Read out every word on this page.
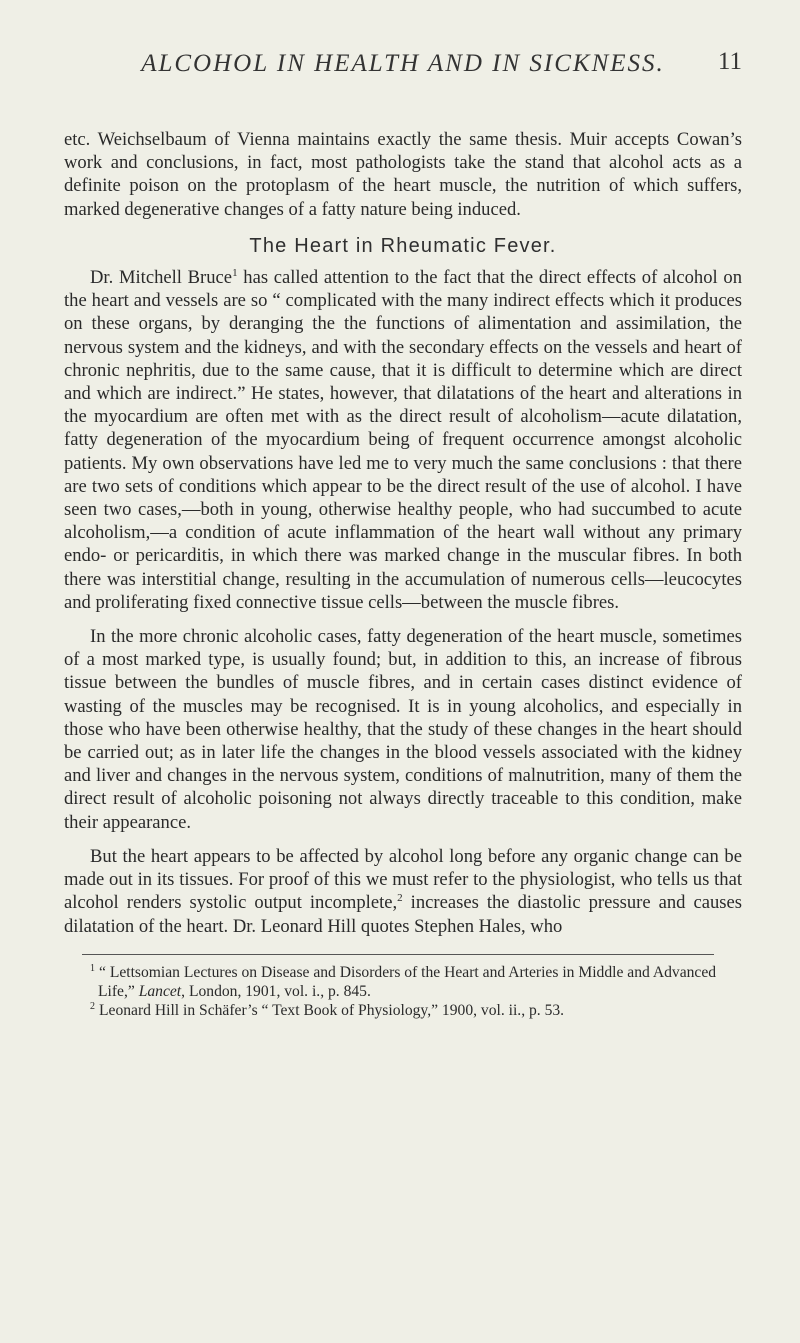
ALCOHOL IN HEALTH AND IN SICKNESS. 11

etc. Weichselbaum of Vienna maintains exactly the same thesis. Muir accepts Cowan’s work and conclusions, in fact, most pathologists take the stand that alcohol acts as a definite poison on the protoplasm of the heart muscle, the nutrition of which suffers, marked degenerative changes of a fatty nature being induced.

The Heart in Rheumatic Fever.

Dr. Mitchell Bruce$^1$ has called attention to the fact that the direct effects of alcohol on the heart and vessels are so “ complicated with the many indirect effects which it produces on these organs, by deranging the the functions of alimentation and assimilation, the nervous system and the kidneys, and with the secondary effects on the vessels and heart of chronic nephritis, due to the same cause, that it is difficult to determine which are direct and which are indirect.” He states, however, that dilatations of the heart and alterations in the myocardium are often met with as the direct result of alcoholism—acute dilatation, fatty degeneration of the myocardium being of frequent occurrence amongst alcoholic patients. My own observations have led me to very much the same conclusions : that there are two sets of conditions which appear to be the direct result of the use of alcohol. I have seen two cases,—both in young, otherwise healthy people, who had succumbed to acute alcoholism,—a condition of acute inflammation of the heart wall without any primary endo- or pericarditis, in which there was marked change in the muscular fibres. In both there was interstitial change, resulting in the accumulation of numerous cells—leucocytes and proliferating fixed connective tissue cells—between the muscle fibres.

In the more chronic alcoholic cases, fatty degeneration of the heart muscle, sometimes of a most marked type, is usually found; but, in addition to this, an increase of fibrous tissue between the bundles of muscle fibres, and in certain cases distinct evidence of wasting of the muscles may be recognised. It is in young alcoholics, and especially in those who have been otherwise healthy, that the study of these changes in the heart should be carried out; as in later life the changes in the blood vessels associated with the kidney and liver and changes in the nervous system, conditions of malnutrition, many of them the direct result of alcoholic poisoning not always directly traceable to this condition, make their appearance.

But the heart appears to be affected by alcohol long before any organic change can be made out in its tissues. For proof of this we must refer to the physiologist, who tells us that alcohol renders systolic output incomplete,$^2$ increases the diastolic pressure and causes dilatation of the heart. Dr. Leonard Hill quotes Stephen Hales, who

$^1$ “ Lettsomian Lectures on Disease and Disorders of the Heart and Arteries in Middle and Advanced Life,” Lancet, London, 1901, vol. i., p. 845.
$^2$ Leonard Hill in Schäfer’s “ Text Book of Physiology,” 1900, vol. ii., p. 53.
